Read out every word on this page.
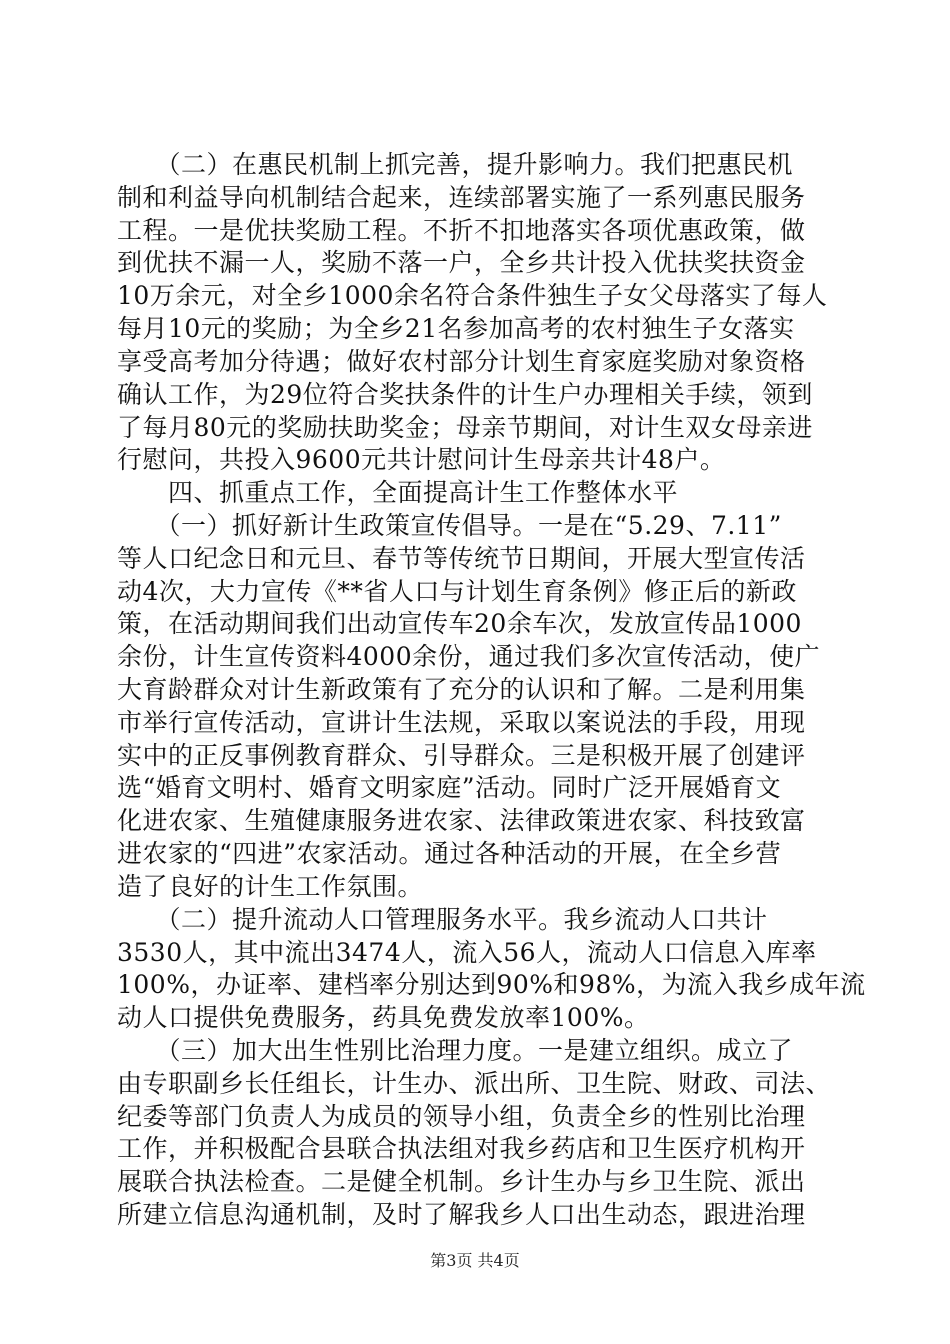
　　（二）在惠民机制上抓完善，提升影响力。我们把惠民机
制和利益导向机制结合起来，连续部署实施了一系列惠民服务
工程。一是优扶奖励工程。不折不扣地落实各项优惠政策，做
到优扶不漏一人，奖励不落一户，全乡共计投入优扶奖扶资金
10万余元，对全乡1000余名符合条件独生子女父母落实了每人
每月10元的奖励；为全乡21名参加高考的农村独生子女落实
享受高考加分待遇；做好农村部分计划生育家庭奖励对象资格
确认工作，为29位符合奖扶条件的计生户办理相关手续，领到
了每月80元的奖励扶助奖金；母亲节期间，对计生双女母亲进
行慰问，共投入9600元共计慰问计生母亲共计48户。
　　四、抓重点工作，全面提高计生工作整体水平
　　（一）抓好新计生政策宣传倡导。一是在“5.29、7.11”
等人口纪念日和元旦、春节等传统节日期间，开展大型宣传活
动4次，大力宣传《**省人口与计划生育条例》修正后的新政
策，在活动期间我们出动宣传车20余车次，发放宣传品1000
余份，计生宣传资料4000余份，通过我们多次宣传活动，使广
大育龄群众对计生新政策有了充分的认识和了解。二是利用集
市举行宣传活动，宣讲计生法规，采取以案说法的手段，用现
实中的正反事例教育群众、引导群众。三是积极开展了创建评
选“婚育文明村、婚育文明家庭”活动。同时广泛开展婚育文
化进农家、生殖健康服务进农家、法律政策进农家、科技致富
进农家的“四进”农家活动。通过各种活动的开展，在全乡营
造了良好的计生工作氛围。
　　（二）提升流动人口管理服务水平。我乡流动人口共计
3530人，其中流出3474人，流入56人，流动人口信息入库率
100%，办证率、建档率分别达到90%和98%，为流入我乡成年流
动人口提供免费服务，药具免费发放率100%。
　　（三）加大出生性别比治理力度。一是建立组织。成立了
由专职副乡长任组长，计生办、派出所、卫生院、财政、司法、
纪委等部门负责人为成员的领导小组，负责全乡的性别比治理
工作，并积极配合县联合执法组对我乡药店和卫生医疗机构开
展联合执法检查。二是健全机制。乡计生办与乡卫生院、派出
所建立信息沟通机制，及时了解我乡人口出生动态，跟进治理
第3页 共4页
